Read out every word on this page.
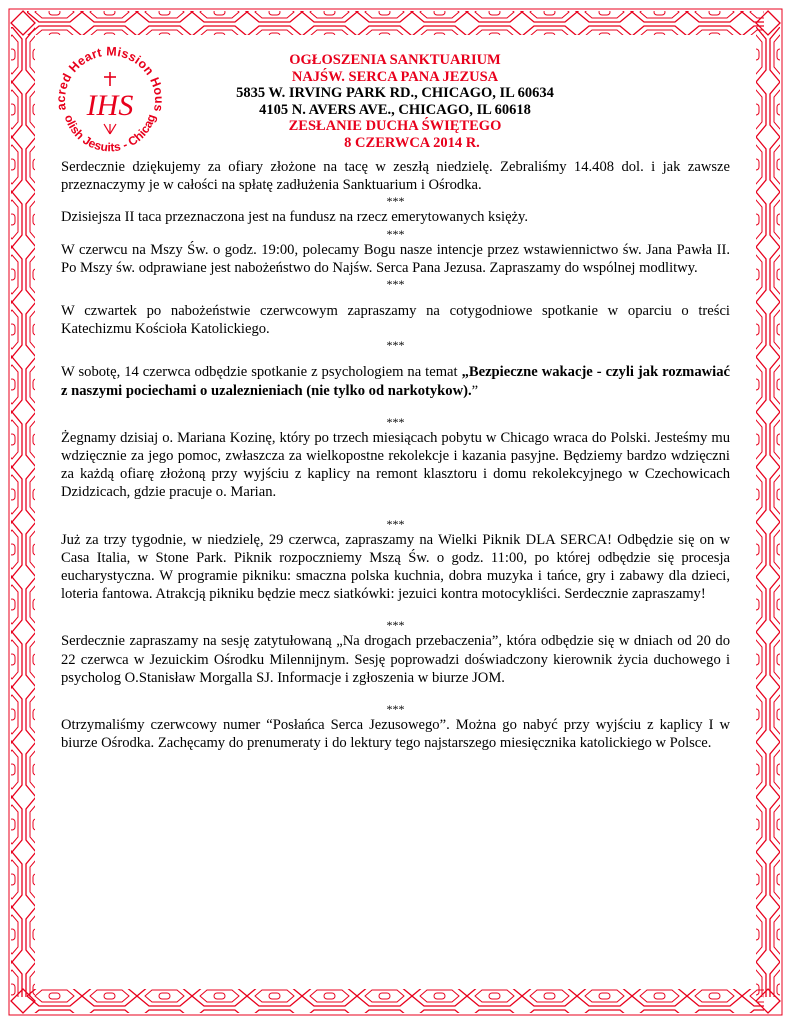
acred Heart Mission Hous
olish Jesuits - Chicag
IHS
OGŁOSZENIA SANKTUARIUM
NAJŚW. SERCA PANA JEZUSA
5835 W. IRVING PARK RD., CHICAGO, IL 60634
4105 N. AVERS AVE., CHICAGO, IL 60618
ZESŁANIE DUCHA ŚWIĘTEGO
8 CZERWCA 2014 R.

Serdecznie dziękujemy za ofiary złożone na tacę w zeszłą niedzielę. Zebraliśmy 14.408 dol. i jak zawsze przeznaczymy je w całości na spłatę zadłużenia Sanktuarium i Ośrodka.

***

Dzisiejsza II taca przeznaczona jest na fundusz na rzecz emerytowanych księży.

***

W czerwcu na Mszy Św. o godz. 19:00, polecamy Bogu nasze intencje przez wstawiennictwo św. Jana Pawła II. Po Mszy św. odprawiane jest nabożeństwo do Najśw. Serca Pana Jezusa. Zapraszamy do wspólnej modlitwy.

***

W czwartek po nabożeństwie czerwcowym zapraszamy na cotygodniowe spotkanie w oparciu o treści Katechizmu Kościoła Katolickiego.

***

W sobotę, 14 czerwca odbędzie spotkanie z psychologiem na temat „Bezpieczne wakacje - czyli jak rozmawiać z naszymi pociechami o uzaleznieniach (nie tylko od narkotykow).”

***

Żegnamy dzisiaj o. Mariana Kozinę, który po trzech miesiącach pobytu w Chicago wraca do Polski. Jesteśmy mu wdzięcznie za jego pomoc, zwłaszcza za wielkopostne rekolekcje i kazania pasyjne. Będziemy bardzo wdzięczni za każdą ofiarę złożoną przy wyjściu z kaplicy na remont klasztoru i domu rekolekcyjnego w Czechowicach Dzidzicach, gdzie pracuje o. Marian.

***

Już za trzy tygodnie, w niedzielę, 29 czerwca, zapraszamy na Wielki Piknik DLA SERCA! Odbędzie się on w Casa Italia, w Stone Park. Piknik rozpoczniemy Mszą Św. o godz. 11:00, po której odbędzie się procesja eucharystyczna. W programie pikniku: smaczna polska kuchnia, dobra muzyka i tańce, gry i zabawy dla dzieci, loteria fantowa. Atrakcją pikniku będzie mecz siatkówki: jezuici kontra motocykliści. Serdecznie zapraszamy!

***

Serdecznie zapraszamy na sesję zatytułowaną „Na drogach przebaczenia”, która odbędzie się w dniach od 20 do 22 czerwca w Jezuickim Ośrodku Milennijnym. Sesję poprowadzi doświadczony kierownik życia duchowego i psycholog O.Stanisław Morgalla SJ. Informacje i zgłoszenia w biurze JOM.

***

Otrzymaliśmy czerwcowy numer “Posłańca Serca Jezusowego”. Można go nabyć przy wyjściu z kaplicy I w biurze Ośrodka. Zachęcamy do prenumeraty i do lektury tego najstarszego miesięcznika katolickiego w Polsce.
